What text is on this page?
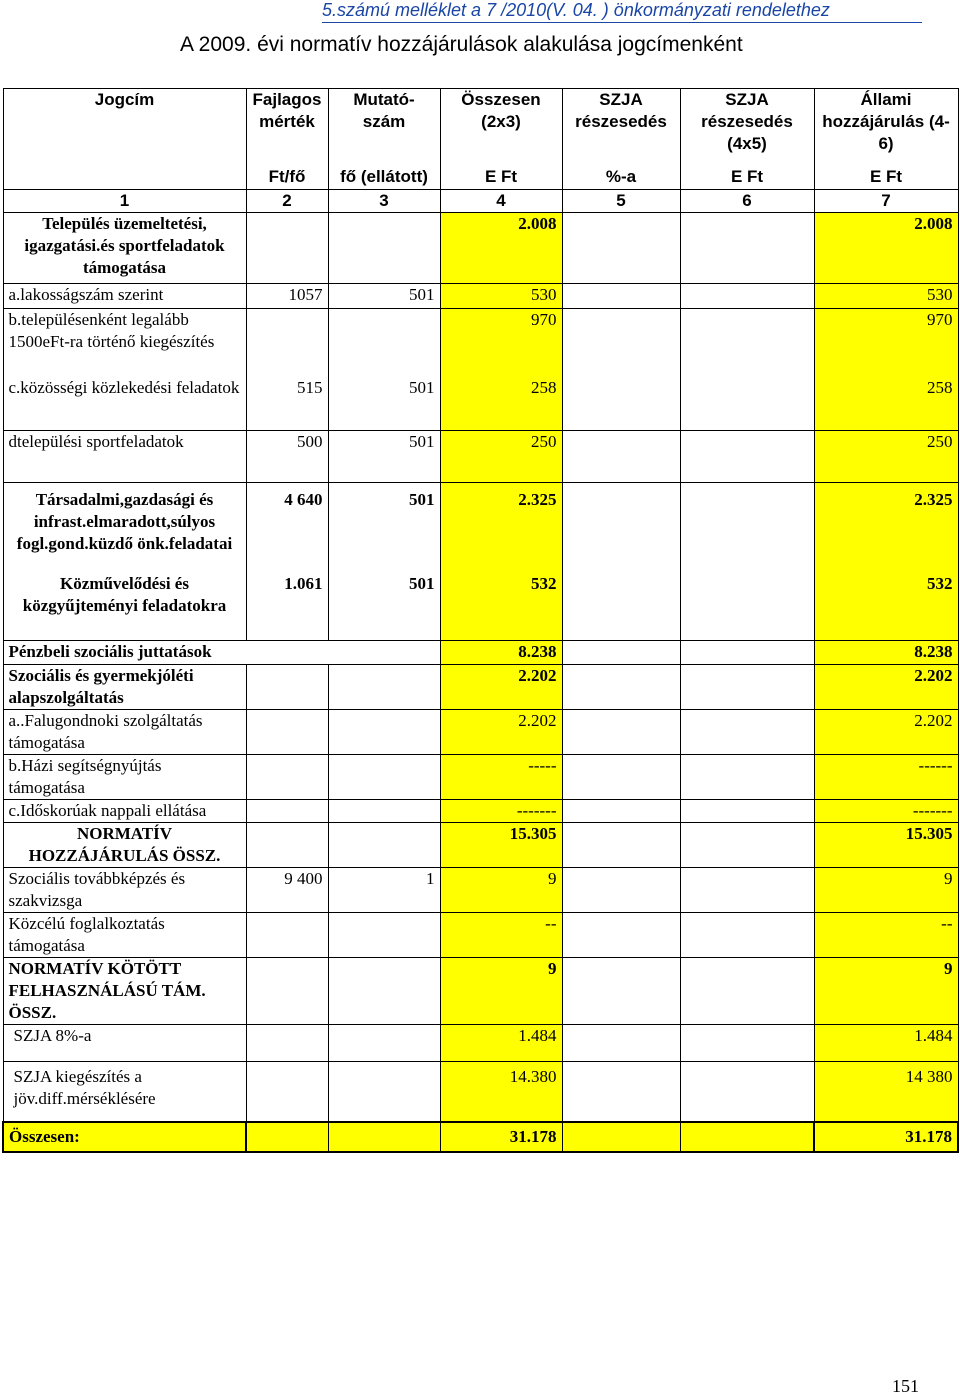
5.számú melléklet a 7 /2010(V. 04. ) önkormányzati rendelethez
A 2009. évi normatív hozzájárulások alakulása jogcímenként
Jogcím	Fajlagos mérték	Mutató-szám	Összesen (2x3)	SZJA részesedés	SZJA részesedés (4x5)	Állami hozzájárulás (4-6)
	Ft/fő	fő (ellátott)	E Ft	%-a	E Ft	E Ft
1	2	3	4	5	6	7
Település üzemeltetési, igazgatási.és sportfeladatok támogatása			2.008			2.008
a.lakosságszám szerint	1057	501	530			530
b.településenként legalább 1500eFt-ra történő kiegészítés			970			970
c.közösségi közlekedési feladatok	515	501	258			258
dtelepülési sportfeladatok	500	501	250			250
Társadalmi,gazdasági és infrast.elmaradott,súlyos fogl.gond.küzdő önk.feladatai	4 640	501	2.325			2.325
Közművelődési és közgyűjteményi feladatokra	1.061	501	532			532
Pénzbeli szociális juttatások			8.238			8.238
Szociális és gyermekjóléti alapszolgáltatás			2.202			2.202
a..Falugondnoki szolgáltatás támogatása			2.202			2.202
b.Házi segítségnyújtás támogatása			-----			------
c.Időskorúak nappali ellátása			-------			-------
NORMATÍV HOZZÁJÁRULÁS ÖSSZ.			15.305			15.305
Szociális továbbképzés és szakvizsga	9 400	1	9			9
Közcélú foglalkoztatás támogatása			--			--
NORMATÍV KÖTÖTT FELHASZNÁLÁSÚ TÁM. ÖSSZ.			9			9
SZJA 8%-a			1.484			1.484
SZJA kiegészítés a jöv.diff.mérséklésére			14.380			14 380
Összesen:			31.178			31.178
151
